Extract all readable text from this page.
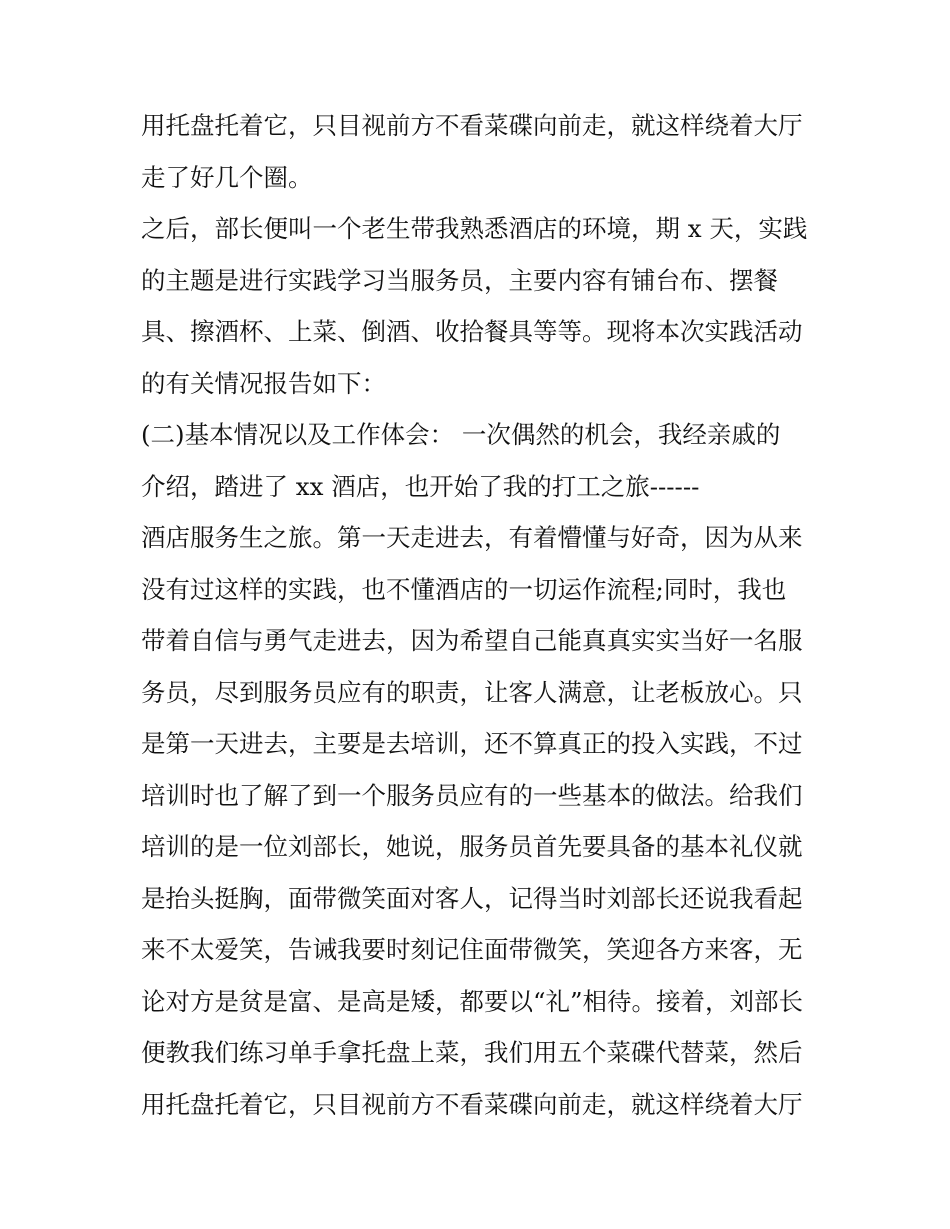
用托盘托着它，只目视前方不看菜碟向前走，就这样绕着大厅
走了好几个圈。
之后，部长便叫一个老生带我熟悉酒店的环境，期 x 天，实践
的主题是进行实践学习当服务员，主要内容有铺台布、摆餐
具、擦酒杯、上菜、倒酒、收拾餐具等等。现将本次实践活动
的有关情况报告如下：
(二)基本情况以及工作体会： 一次偶然的机会，我经亲戚的
介绍，踏进了 xx 酒店，也开始了我的打工之旅------
酒店服务生之旅。第一天走进去，有着懵懂与好奇，因为从来
没有过这样的实践，也不懂酒店的一切运作流程;同时，我也
带着自信与勇气走进去，因为希望自己能真真实实当好一名服
务员，尽到服务员应有的职责，让客人满意，让老板放心。只
是第一天进去，主要是去培训，还不算真正的投入实践，不过
培训时也了解了到一个服务员应有的一些基本的做法。给我们
培训的是一位刘部长，她说，服务员首先要具备的基本礼仪就
是抬头挺胸，面带微笑面对客人，记得当时刘部长还说我看起
来不太爱笑，告诫我要时刻记住面带微笑，笑迎各方来客，无
论对方是贫是富、是高是矮，都要以“礼”相待。接着，刘部长
便教我们练习单手拿托盘上菜，我们用五个菜碟代替菜，然后
用托盘托着它，只目视前方不看菜碟向前走，就这样绕着大厅
